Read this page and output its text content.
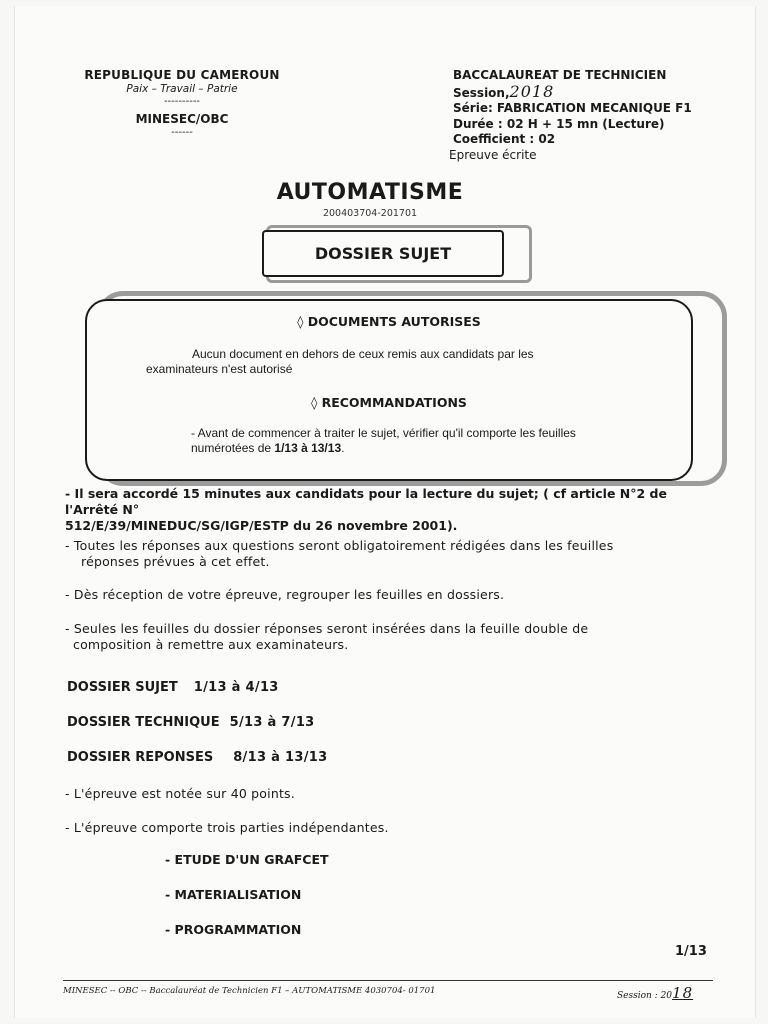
REPUBLIQUE DU CAMEROUN
Paix – Travail – Patrie
----------
MINESEC/OBC
------
BACCALAUREAT DE TECHNICIEN
Session,2018
Série: FABRICATION MECANIQUE F1
Durée : 02 H + 15 mn (Lecture)
Coefficient : 02
Epreuve écrite
AUTOMATISME
200403704-201701
DOSSIER SUJET
◊ DOCUMENTS AUTORISES
Aucun document en dehors de ceux remis aux candidats par les
examinateurs n'est autorisé
◊ RECOMMANDATIONS
- Avant de commencer à traiter le sujet, vérifier qu'il comporte les feuilles
numérotées de 1/13 à 13/13.
- Il sera accordé 15 minutes aux candidats pour la lecture du sujet; ( cf article N°2 de l'Arrêté N°
512/E/39/MINEDUC/SG/IGP/ESTP du 26 novembre 2001).
- Toutes les réponses aux questions seront obligatoirement rédigées dans les feuilles
réponses prévues à cet effet.
- Dès réception de votre épreuve, regrouper les feuilles en dossiers.
- Seules les feuilles du dossier réponses seront insérées dans la feuille double de
composition à remettre aux examinateurs.
DOSSIER SUJET 1/13 à 4/13
DOSSIER TECHNIQUE 5/13 à 7/13
DOSSIER REPONSES 8/13 à 13/13
- L'épreuve est notée sur 40 points.
- L'épreuve comporte trois parties indépendantes.
- ETUDE D'UN GRAFCET
- MATERIALISATION
- PROGRAMMATION
1/13
MINESEC -- OBC -- Baccalauréat de Technicien F1 – AUTOMATISME 4030704- 01701	Session : 2018
